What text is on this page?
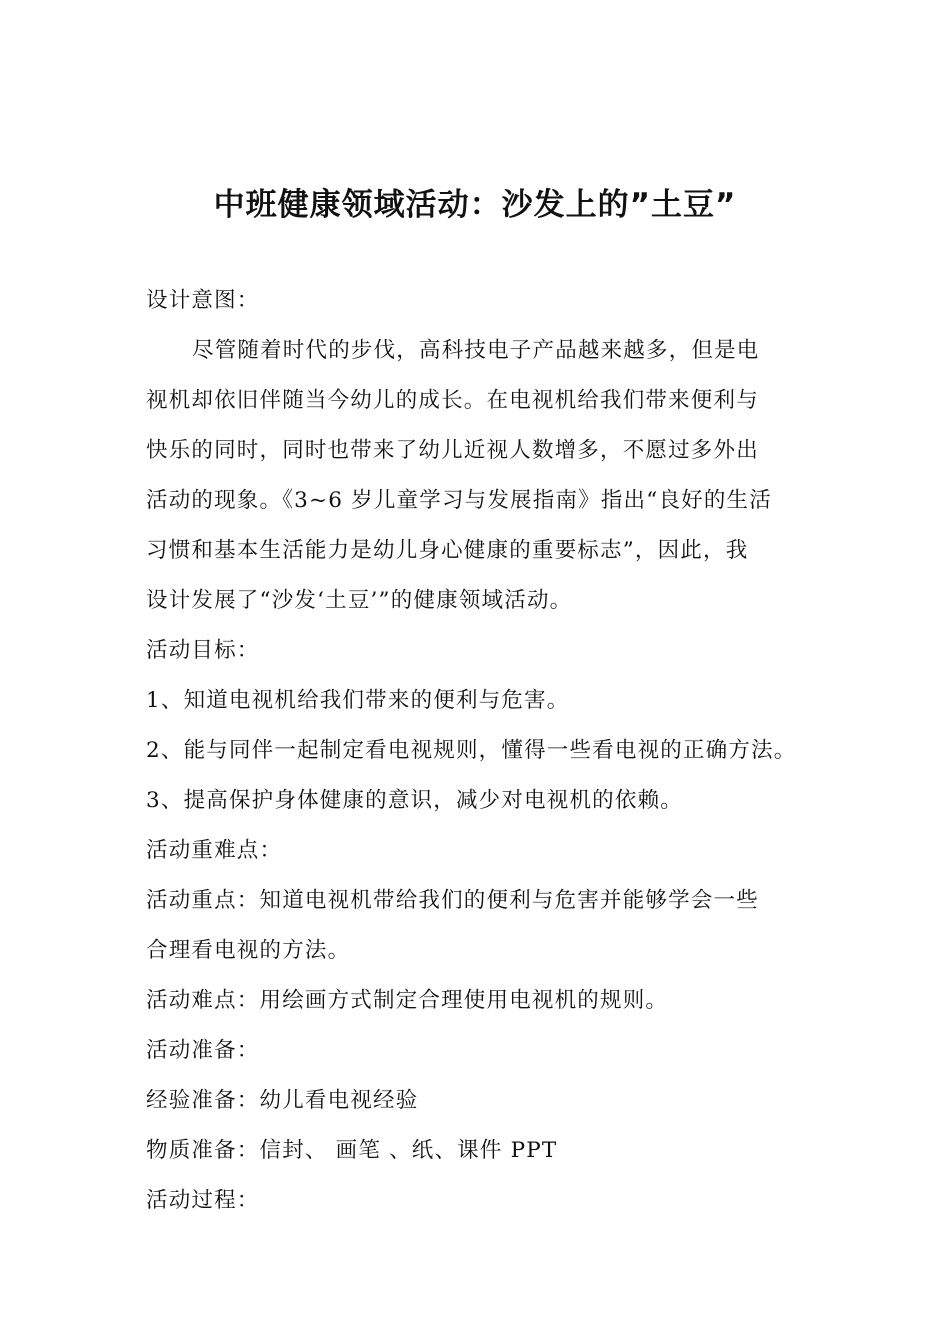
中班健康领域活动：沙发上的”土豆”

设计意图：

尽管随着时代的步伐，高科技电子产品越来越多，但是电

视机却依旧伴随当今幼儿的成长。在电视机给我们带来便利与

快乐的同时，同时也带来了幼儿近视人数增多，不愿过多外出

活动的现象。《3~6 岁儿童学习与发展指南》指出“良好的生活

习惯和基本生活能力是幼儿身心健康的重要标志”，因此，我

设计发展了“沙发‘土豆’”的健康领域活动。

活动目标：

1、知道电视机给我们带来的便利与危害。

2、能与同伴一起制定看电视规则，懂得一些看电视的正确方法。

3、提高保护身体健康的意识，减少对电视机的依赖。

活动重难点：

活动重点：知道电视机带给我们的便利与危害并能够学会一些

合理看电视的方法。

活动难点：用绘画方式制定合理使用电视机的规则。

活动准备：

经验准备：幼儿看电视经验

物质准备：信封、 画笔 、纸、课件 PPT

活动过程：
